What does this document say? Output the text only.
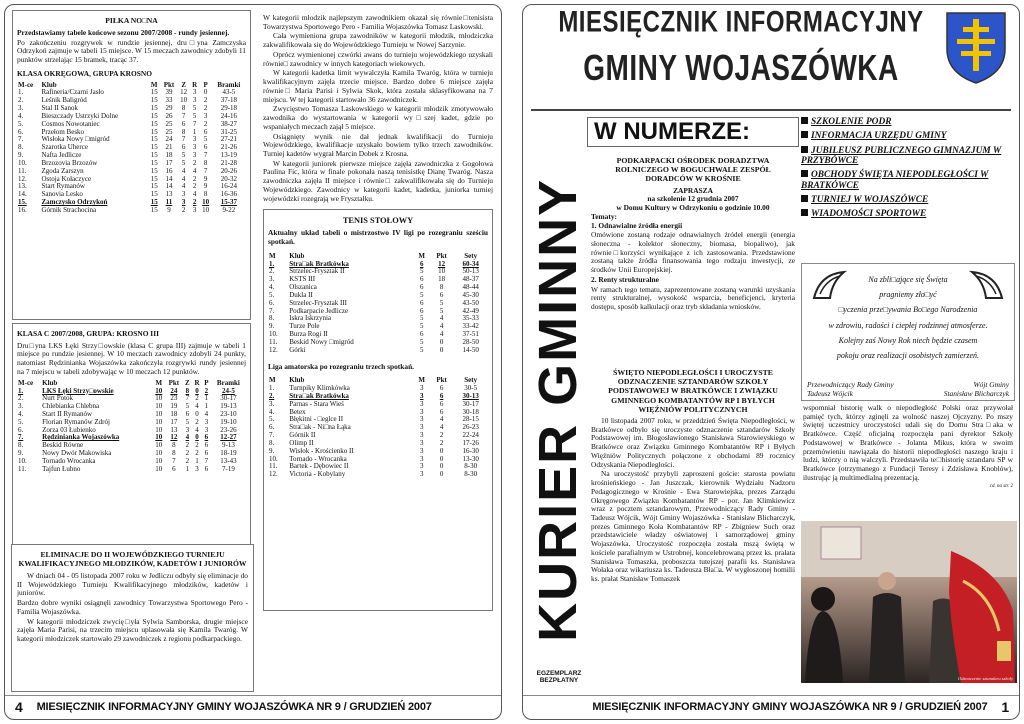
PIŁKA NO□NA

Przedstawiamy tabele końcowe sezonu 2007/2008 - rundy jesiennej.

Po zakończeniu rozgrywek w rundzie jesiennej, dru□yna Zamczyska Odrzykoń zajmuje w tabeli 15 miejsce. W 15 meczach zawodnicy zdobyli 11 punktów strzelając 15 bramek, tracąc 37.

KLASA OKRĘGOWA, GRUPA KROSNO
M-ce	Klub	M	Pkt	Z	R	P	Bramki
1.	Rafineria/Czarni Jasło	15	39	12	3	0	43-5
2.	Leśnik Baligród	15	33	10	3	2	37-18
3.	Stal II Sanok	15	29	8	5	2	29-18
4.	Bieszczady Ustrzyki Dolne	15	26	7	5	3	24-16
5.	Cosmos Nowotaniec	15	25	6	7	2	38-27
6.	Przełom Besko	15	25	8	1	6	31-25
7.	Wisłoka Nowy □migród	15	24	7	3	5	27-21
8.	Szarotka Uherce	15	21	6	3	6	21-26
9.	Nafta Jedlicze	15	18	5	3	7	13-19
10.	Brzozovia Brzozów	15	17	5	2	8	21-28
11.	Zgoda Zarszyn	15	16	4	4	7	20-26
12.	Ostoja Kołaczyce	15	14	4	2	9	20-32
13.	Start Rymanów	15	14	4	2	9	16-24
14.	Sanovia Lesko	15	13	3	4	8	16-36
15.	Zamczysko Odrzykoń	15	11	3	2	10	15-37
16.	Górnik Strachocina	15	9	2	3	10	9-22
KLASA C 2007/2008, GRUPA: KROSNO III

Dru□yna LKS Łęki Strzy□owskie (klasa C grupa III) zajmuje w tabeli 1 miejsce po rundzie jesiennej. W 10 meczach zawodnicy zdobyli 24 punkty, natomiast Rędzinianka Wojaszówka zakończyła rozgrywki rundy jesiennej na 7 miejscu w tabeli zdobywając w 10 meczach 12 punktów.

M-ce	Klub	M	Pkt	Z	R	P	Bramki
1.	LKS Łęki Strzy□owskie	10	24	8	0	2	24-5
2.	Nurt Potok	10	23	7	2	1	30-17
3.	Chlebianka Chlebna	10	19	5	4	1	19-13
4.	Start II Rymanów	10	18	6	0	4	23-10
5.	Florian Rymanów Zdrój	10	17	5	2	3	19-10
6.	Zorza 03 Łubienko	10	13	3	4	3	23-26
7.	Rędzinianka Wojaszówka	10	12	4	0	6	12-27
8.	Beskid Równe	10	8	2	2	6	9-13
9.	Nowy Dwór Makowiska	10	8	2	2	6	18-19
10.	Tornado Wrocanka	10	7	2	1	7	13-43
11.	Tajfun Łubno	10	6	1	3	6	7-19
ELIMINACJE DO II WOJEWÓDZKIEGO TURNIEJU KWALIFIKACYJNEGO MŁODZIKÓW, KADETÓW I JUNIORÓW

W dniach 04 - 05 listopada 2007 roku w Jedliczu odbyły się eliminacje do II Wojewódzkiego Turnieju Kwalifikacyjnego młodzików, kadetów i juniorów.

Bardzo dobre wyniki osiągnęli zawodnicy Towarzystwa Sportowego Pero - Familia Wojaszówka.

W kategorii młodziczek zwycię□yła Sylwia Samborska, drugie miejsce zajęła Maria Parisi, na trzecim miejscu uplasowała się Kamila Twaróg. W kategorii młodziczek startowało 29 zawodniczek z regionu podkarpackiego.

W kategorii młodzik najlepszym zawodnikiem okazał się równie□tenisista Towarzystwa Sportowego Pero - Familia Wojaszówka Tomasz Laskowski.

Cała wymieniona grupa zawodników w kategorii młodzik, młodziczka zakwalifikowała się do Wojewódzkiego Turnieju w Nowej Sarzynie.

Oprócz wymienionej czwórki awans do turnieju wojewódzkiego uzyskali równie□ zawodnicy w innych kategoriach wiekowych.

W kategorii kadetka limit wywalczyła Kamila Twaróg, która w turnieju kwalifikacyjnym zajęła trzecie miejsce. Bardzo dobre 6 miejsce zajęła równie□ Maria Parisi i Sylwia Skok, która została sklasyfikowana na 7 miejscu. W tej kategorii startowało 36 zawodniczek.

Zwycięstwo Tomasza Laskowskiego w kategorii młodzik zmotywowało zawodnika do wystartowania w kategorii wy□szej kadet, gdzie po wspaniałych meczach zajął 5 miejsce.

Osiągnięty wynik nie dał jednak kwalifikacji do Turnieju Wojewódzkiego, kwalifikacje uzyskało bowiem tylko trzech zawodników. Turniej kadetów wygrał Marcin Dobek z Krosna.

W kategorii juniorek pierwsze miejsce zajęła zawodniczka z Gogołowa Paulina Fic, która w finale pokonała naszą tenisistkę Dianę Twaróg. Nasza zawodniczka zajęła II miejsce i równie□ zakwalifikowała się do Turnieju Wojewódzkiego. Zawodnicy w kategorii kadet, kadetka, juniorka turniej wojewódzki rozegrają we Fryształku.

TENIS STOŁOWY

Aktualny układ tabeli o mistrzostwo IV ligi po rozegraniu sześciu spotkań.

M	Klub	M	Pkt	Sety
1.	Stra□ak Bratkówka	6	12	60-34
2.	Strzelec-Frysztak II	5	10	50-13
3.	KSTS III	6	18	48-37
4.	Olszanica	6	8	48-44
5.	Dukla II	5	6	45-30
6.	Strzelec-Frysztak III	6	5	43-50
7.	Podkarpacie Jedlicze	6	5	42-49
8.	Iskra Iskrzynia	5	4	35-33
9.	Turze Pole	5	4	33-42
10.	Burza Rogi II	6	4	37-51
11.	Beskid Nowy □migród	5	0	28-50
12.	Górki	5	0	14-50

Liga amatorska po rozegraniu trzech spotkań.

M	Klub	M	Pkt	Sety
1.	Turnpiky Klimkówka	3	6	30-5
2.	Stra□ak Bratkówka	3	6	30-13
3.	Parnas - Stara Wieś	3	6	30-17
4.	Betex	3	6	30-18
5.	Błękitni - □eglce II	3	4	28-15
6.	Stra□ak - Ni□na Łąka	3	4	26-23
7.	Górnik II	3	2	22-24
8.	Olimp II	3	2	17-26
9.	Wisłok - Krościenko II	3	0	16-30
10.	Tornado - Wrocanka	3	0	13-30
11.	Bartek - Dębowiec II	3	0	8-30
12.	Victoria - Kobylany	3	0	8-30
4 MIESIĘCZNIK INFORMACYJNY GMINY WOJASZÓWKA NR 9 / GRUDZIEŃ 2007
MIESIĘCZNIK INFORMACYJNY
GMINY WOJASZÓWKA
KURIER GMINNY
EGZEMPLARZ
BEZPŁATNY
W NUMERZE:	SZKOLENIE PODR
INFORMACJA URZĘDU GMINY
JUBILEUSZ PUBLICZNEGO GIMNAZJUM W PRZYBÓWCE
OBCHODY ŚWIĘTA NIEPODLEGŁOŚCI W BRATKÓWCE
TURNIEJ W WOJASZÓWCE
WIADOMOŚCI SPORTOWE
PODKARPACKI OŚRODEK DORADZTWA ROLNICZEGO W BOGUCHWALE ZESPÓŁ DORADCÓW W KROŚNIE
ZAPRASZA
na szkolenie 12 grudnia 2007
w Domu Kultury w Odrzykoniu o godzinie 10.00
Tematy:
1. Odnawialne źródła energii

Omówione zostaną rodzaje odnawialnych źródeł energii (energia słoneczna - kolektor słoneczny, biomasa, biopaliwo), jak równie□korzyści wynikające z ich zastosowania. Przedstawione zostaną także źródła finansowania tego rodzaju inwestycji, ze środków Unii Europejskiej.

2. Renty strukturalne

W ramach tego tematu, zaprezentowane zostaną warunki uzyskania renty strukturalnej, wysokość wsparcia, beneficjenci, kryteria dostępu, sposób kalkulacji oraz tryb składania wniosków.

Na zbli□ające się Święta
pragniemy zło□yć
□yczenia prze□ywania Bo□ego Narodzenia
w zdrowiu, radości i ciepłej rodzinnej atmosferze.
Kolejny zaś Nowy Rok niech będzie czasem
pokoju oraz realizacji osobistych zamierzeń.
Przewodniczący Rady Gminy
Tadeusz Wójcik
Wójt Gminy
Stanisław Blicharczyk
ŚWIĘTO NIEPODLEGŁOŚCI I UROCZYSTE ODZNACZENIE SZTANDARÓW SZKOŁY PODSTAWOWEJ W BRATKÓWCE I ZWIĄZKU GMINNEGO KOMBATANTÓW RP I BYŁYCH WIĘŹNIÓW POLITYCZNYCH

10 listopada 2007 roku, w przeddzień Święta Niepodległości, w Bratkówce odbyło się uroczyste odznaczenie sztandarów Szkoły Podstawowej im. Błogosławionego Stanisława Starowieyskiego w Bratkówce oraz Związku Gminnego Kombatantów RP i Byłych Więźniów Politycznych połączone z obchodami 89 rocznicy Odzyskania Niepodległości.

Na uroczystość przybyli zaproszeni goście: starosta powiatu krośnieńskiego - Jan Juszczak, kierownik Wydziału Nadzoru Pedagogicznego w Krośnie - Ewa Starowiejska, prezes Zarządu Okręgowego Związku Kombatantów RP - por. Jan Klimkiewicz wraz z pocztem sztandarowym, Przewodniczący Rady Gminy - Tadeusz Wójcik, Wójt Gminy Wojaszówka - Stanisław Blicharczyk, prezes Gminnego Koła Kombatantów RP - Zbigniew Such oraz przedstawiciele władzy oświatowej i samorządowej gminy Wojaszówka. Uroczystość rozpoczęła została mszą świętą w kościele parafialnym w Ustrobnej, koncelebrowaną przez ks. prałata Stanisława Tomaszka, proboszcza tutejszej parafii ks. Stanisława Wołaka oraz wikariusza ks. Tadeusza Bła□a. W wygłoszonej homilii ks. prałat Stanisław Tomaszek

wspomniał historię walk o niepodległość Polski oraz przywołał pamięć tych, którzy zginęli za wolność naszej Ojczyzny. Po mszy świętej uczestnicy uroczystości udali się do Domu Stra□aka w Bratkówce. Część oficjalną rozpoczęła pani dyrektor Szkoły Podstawowej w Bratkówce - Jolanta Mikus, która w swoim przemówieniu nawiązała do historii niepodległości naszego kraju i ludzi, którzy o nią walczyli. Przedstawiła te□historię sztandaru SP w Bratkówce (otrzymanego z Fundacji Teresy i Zdzisława Knoblów), ilustrując ją multimedialną prezentacją.

cd. na str. 2
Odznaczenie sztandaru szkoły
MIESIĘCZNIK INFORMACYJNY GMINY WOJASZÓWKA NR 9 / GRUDZIEŃ 2007 1
